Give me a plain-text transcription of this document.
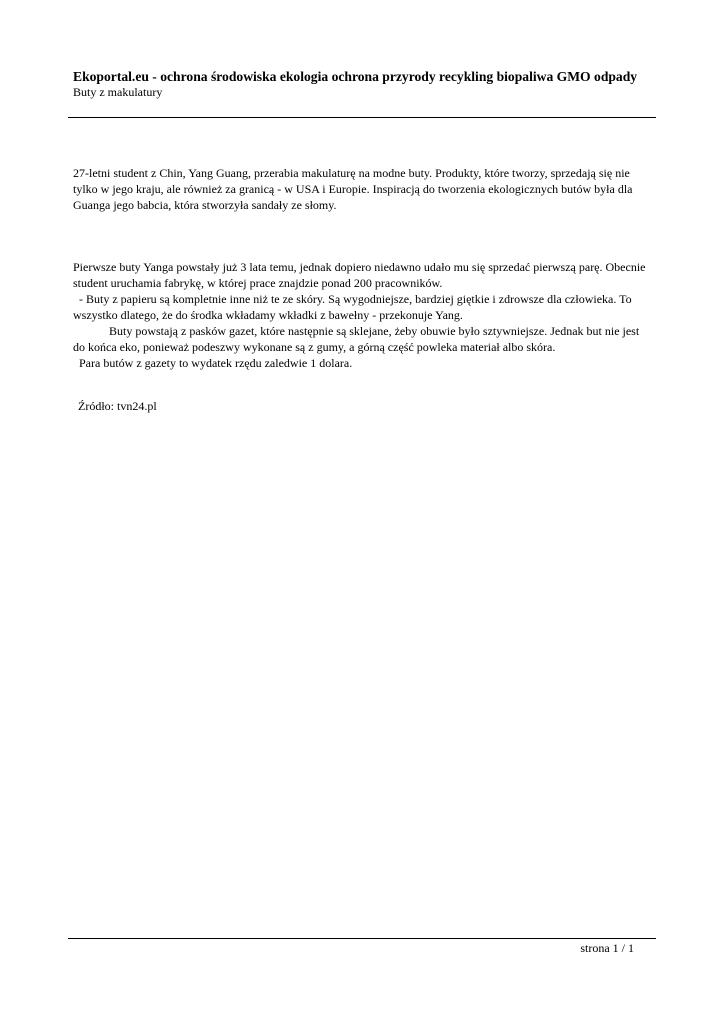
Ekoportal.eu - ochrona środowiska ekologia ochrona przyrody recykling biopaliwa GMO odpady
Buty z makulatury
27-letni student z Chin, Yang Guang, przerabia makulaturę na modne buty. Produkty, które tworzy, sprzedają się nie
tylko w jego kraju, ale również za granicą - w USA i Europie. Inspiracją do tworzenia ekologicznych butów była dla
Guanga jego babcia, która stworzyła sandały ze słomy.
Pierwsze buty Yanga powstały już 3 lata temu, jednak dopiero niedawno udało mu się sprzedać pierwszą parę. Obecnie
student uruchamia fabrykę, w której prace znajdzie ponad 200 pracowników.
- Buty z papieru są kompletnie inne niż te ze skóry. Są wygodniejsze, bardziej giętkie i zdrowsze dla człowieka. To
wszystko dlatego, że do środka wkładamy wkładki z bawełny - przekonuje Yang.
Buty powstają z pasków gazet, które następnie są sklejane, żeby obuwie było sztywniejsze. Jednak but nie jest
do końca eko, ponieważ podeszwy wykonane są z gumy, a górną część powleka materiał albo skóra.
Para butów z gazety to wydatek rzędu zaledwie 1 dolara.
Źródło: tvn24.pl
strona 1 / 1
